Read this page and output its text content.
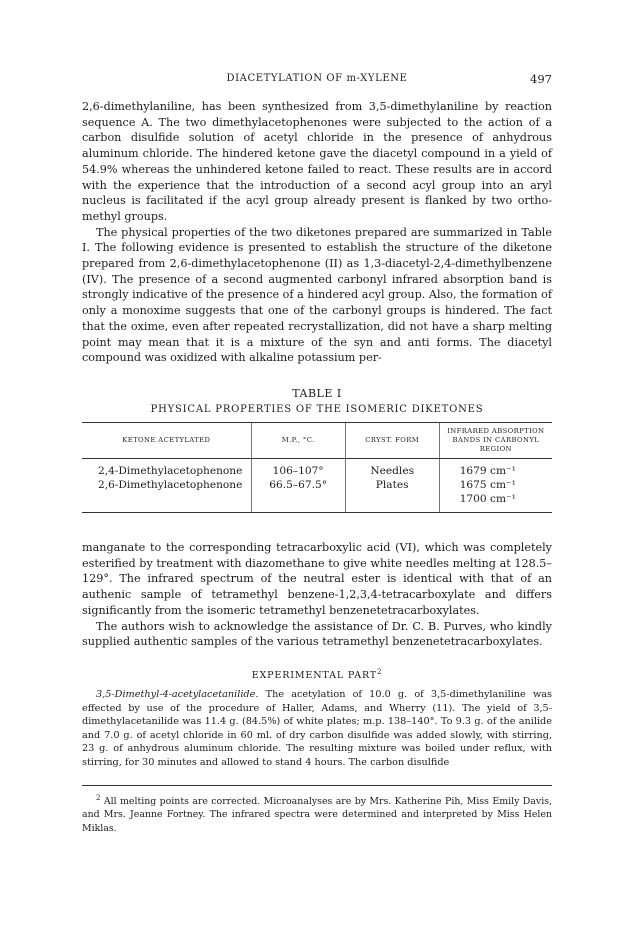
DIACETYLATION OF m-XYLENE	497

2,6-dimethylaniline, has been synthesized from 3,5-dimethylaniline by reaction sequence A. The two dimethylacetophenones were subjected to the action of a carbon disulfide solution of acetyl chloride in the presence of anhydrous aluminum chloride. The hindered ketone gave the diacetyl compound in a yield of 54.9% whereas the unhindered ketone failed to react. These results are in accord with the experience that the introduction of a second acyl group into an aryl nucleus is facilitated if the acyl group already present is flanked by two ortho-methyl groups.

The physical properties of the two diketones prepared are summarized in Table I. The following evidence is presented to establish the structure of the diketone prepared from 2,6-dimethylacetophenone (II) as 1,3-diacetyl-2,4-dimethylbenzene (IV). The presence of a second augmented carbonyl infrared absorption band is strongly indicative of the presence of a hindered acyl group. Also, the formation of only a monoxime suggests that one of the carbonyl groups is hindered. The fact that the oxime, even after repeated recrystallization, did not have a sharp melting point may mean that it is a mixture of the syn and anti forms. The diacetyl compound was oxidized with alkaline potassium per-

TABLE I
PHYSICAL PROPERTIES OF THE ISOMERIC DIKETONES
KETONE ACETYLATED	M.P., °C.	CRYST. FORM	INFRARED ABSORPTION BANDS IN CARBONYL REGION
2,4-Dimethylacetophenone	106–107°	Needles	1679 cm⁻¹
2,6-Dimethylacetophenone	66.5–67.5°	Plates	1675 cm⁻¹
			1700 cm⁻¹

manganate to the corresponding tetracarboxylic acid (VI), which was completely esterified by treatment with diazomethane to give white needles melting at 128.5–129°. The infrared spectrum of the neutral ester is identical with that of an authenic sample of tetramethyl benzene-1,2,3,4-tetracarboxylate and differs significantly from the isomeric tetramethyl benzenetetracarboxylates.

The authors wish to acknowledge the assistance of Dr. C. B. Purves, who kindly supplied authentic samples of the various tetramethyl benzenetetracarboxylates.

EXPERIMENTAL PART$^2$

3,5-Dimethyl-4-acetylacetanilide. The acetylation of 10.0 g. of 3,5-dimethylaniline was effected by use of the procedure of Haller, Adams, and Wherry (11). The yield of 3,5-dimethylacetanilide was 11.4 g. (84.5%) of white plates; m.p. 138–140°. To 9.3 g. of the anilide and 7.0 g. of acetyl chloride in 60 ml. of dry carbon disulfide was added slowly, with stirring, 23 g. of anhydrous aluminum chloride. The resulting mixture was boiled under reflux, with stirring, for 30 minutes and allowed to stand 4 hours. The carbon disulfide

$^2$ All melting points are corrected. Microanalyses are by Mrs. Katherine Pih, Miss Emily Davis, and Mrs. Jeanne Fortney. The infrared spectra were determined and interpreted by Miss Helen Miklas.
